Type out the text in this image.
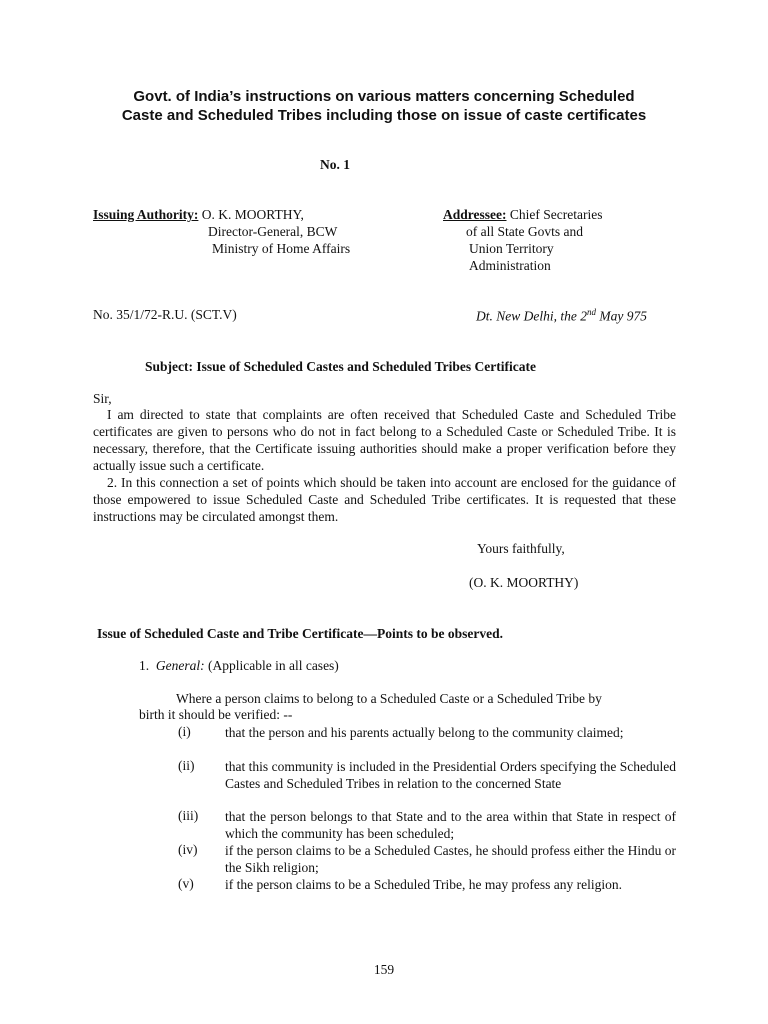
Govt. of India’s instructions on various matters concerning Scheduled
Caste and Scheduled Tribes including those on issue of caste certificates
No. 1
Issuing Authority: O. K. MOORTHY,
Director-General, BCW
Ministry of Home Affairs
Addressee: Chief Secretaries
of all State Govts and
Union Territory
Administration
No. 35/1/72-R.U. (SCT.V)	Dt. New Delhi, the 2nd May 975
Subject: Issue of Scheduled Castes and Scheduled Tribes Certificate
Sir,

I am directed to state that complaints are often received that Scheduled Caste and Scheduled Tribe certificates are given to persons who do not in fact belong to a Scheduled Caste or Scheduled Tribe. It is necessary, therefore, that the Certificate issuing authorities should make a proper verification before they actually issue such a certificate.

2. In this connection a set of points which should be taken into account are enclosed for the guidance of those empowered to issue Scheduled Caste and Scheduled Tribe certificates. It is requested that these instructions may be circulated amongst them.

Yours faithfully,
(O. K. MOORTHY)
Issue of Scheduled Caste and Tribe Certificate—Points to be observed.
1. General: (Applicable in all cases)
Where a person claims to belong to a Scheduled Caste or a Scheduled Tribe by
birth it should be verified: --
(i)	that the person and his parents actually belong to the community claimed;
(ii) that this community is included in the Presidential Orders specifying the Scheduled Castes and Scheduled Tribes in relation to the concerned State
(iii) that the person belongs to that State and to the area within that State in respect of which the community has been scheduled;
(iv) if the person claims to be a Scheduled Castes, he should profess either the Hindu or the Sikh religion;
(v) if the person claims to be a Scheduled Tribe, he may profess any religion.
159
